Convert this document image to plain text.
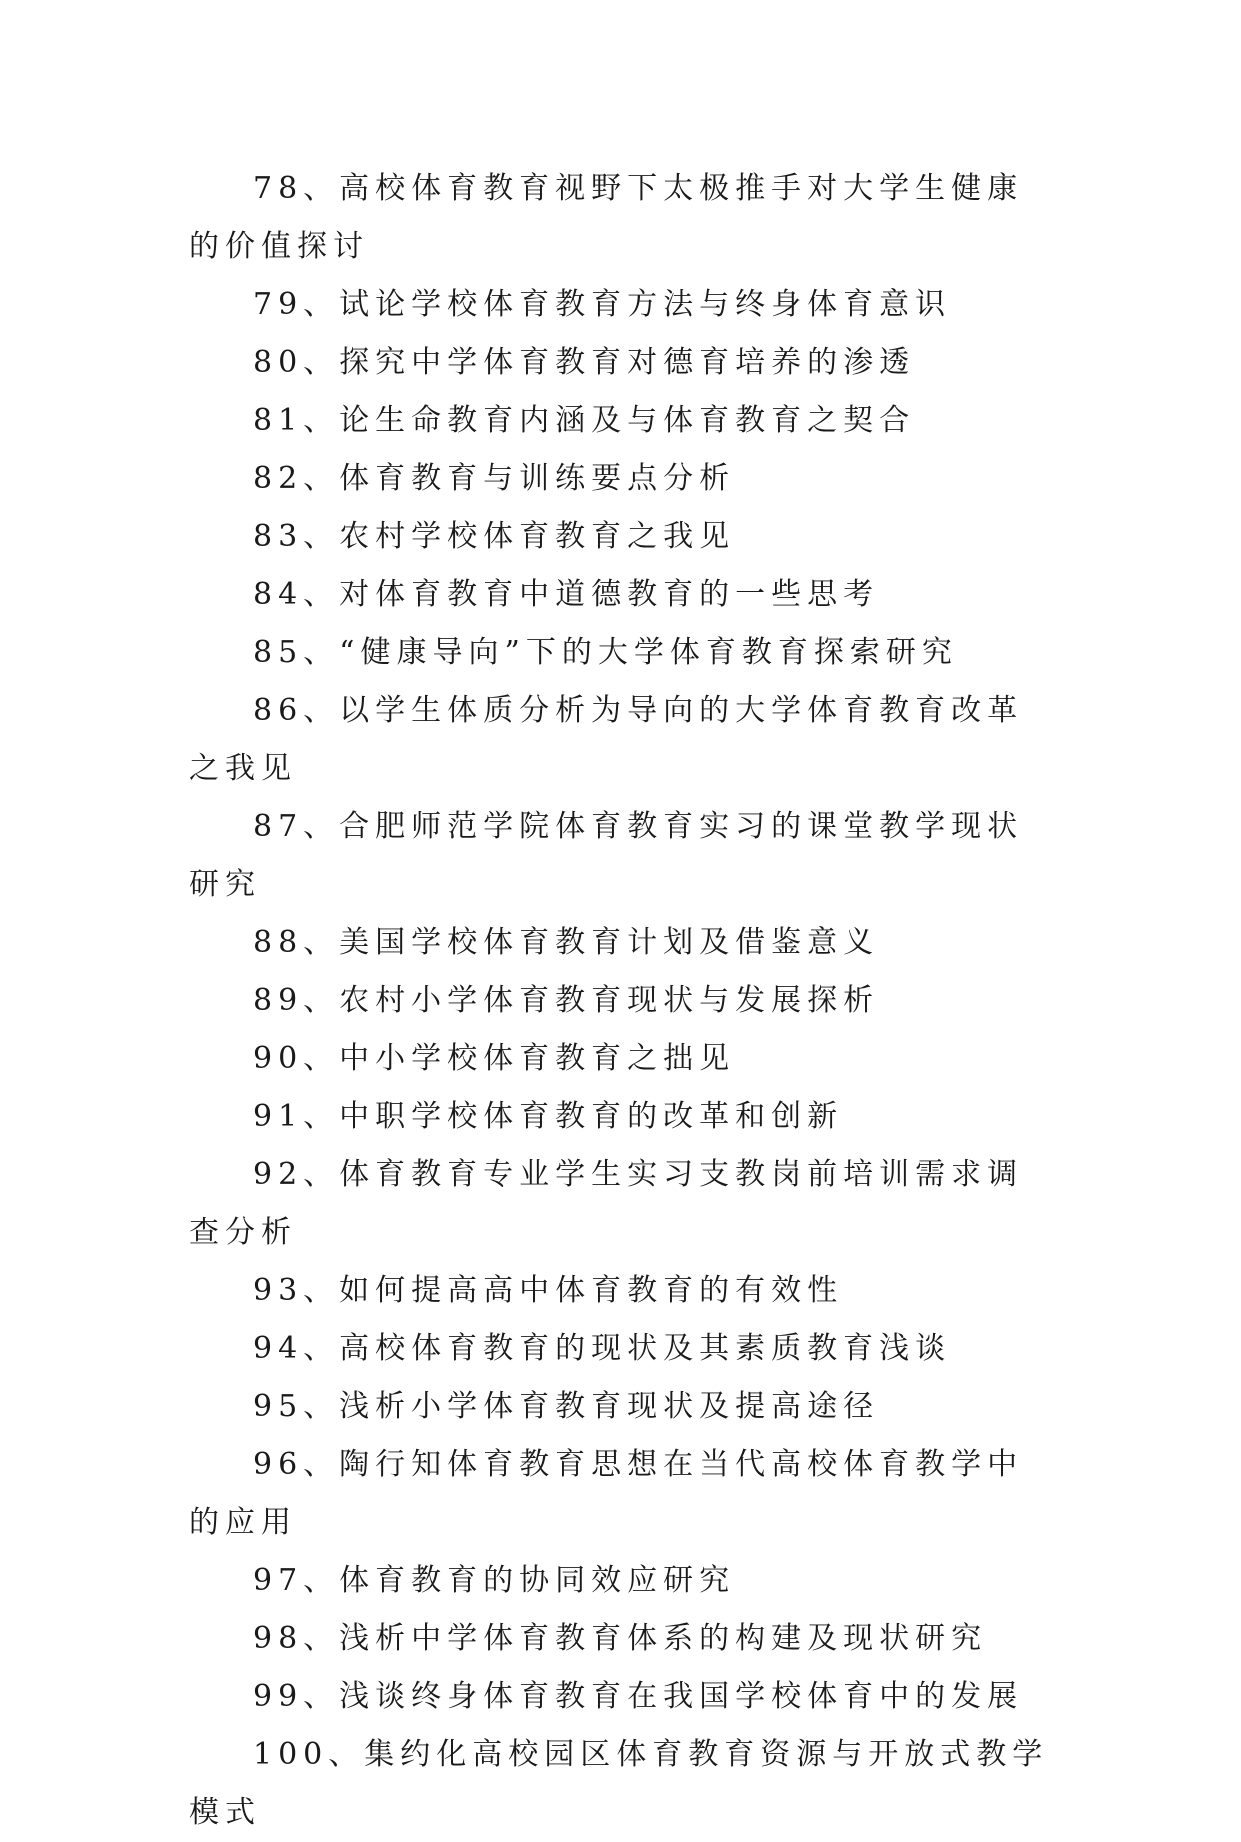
78、高校体育教育视野下太极推手对大学生健康的价值探讨

79、试论学校体育教育方法与终身体育意识

80、探究中学体育教育对德育培养的渗透

81、论生命教育内涵及与体育教育之契合

82、体育教育与训练要点分析

83、农村学校体育教育之我见

84、对体育教育中道德教育的一些思考

85、“健康导向”下的大学体育教育探索研究

86、以学生体质分析为导向的大学体育教育改革之我见

87、合肥师范学院体育教育实习的课堂教学现状研究

88、美国学校体育教育计划及借鉴意义

89、农村小学体育教育现状与发展探析

90、中小学校体育教育之拙见

91、中职学校体育教育的改革和创新

92、体育教育专业学生实习支教岗前培训需求调查分析

93、如何提高高中体育教育的有效性

94、高校体育教育的现状及其素质教育浅谈

95、浅析小学体育教育现状及提高途径

96、陶行知体育教育思想在当代高校体育教学中的应用

97、体育教育的协同效应研究

98、浅析中学体育教育体系的构建及现状研究

99、浅谈终身体育教育在我国学校体育中的发展

100、集约化高校园区体育教育资源与开放式教学模式
